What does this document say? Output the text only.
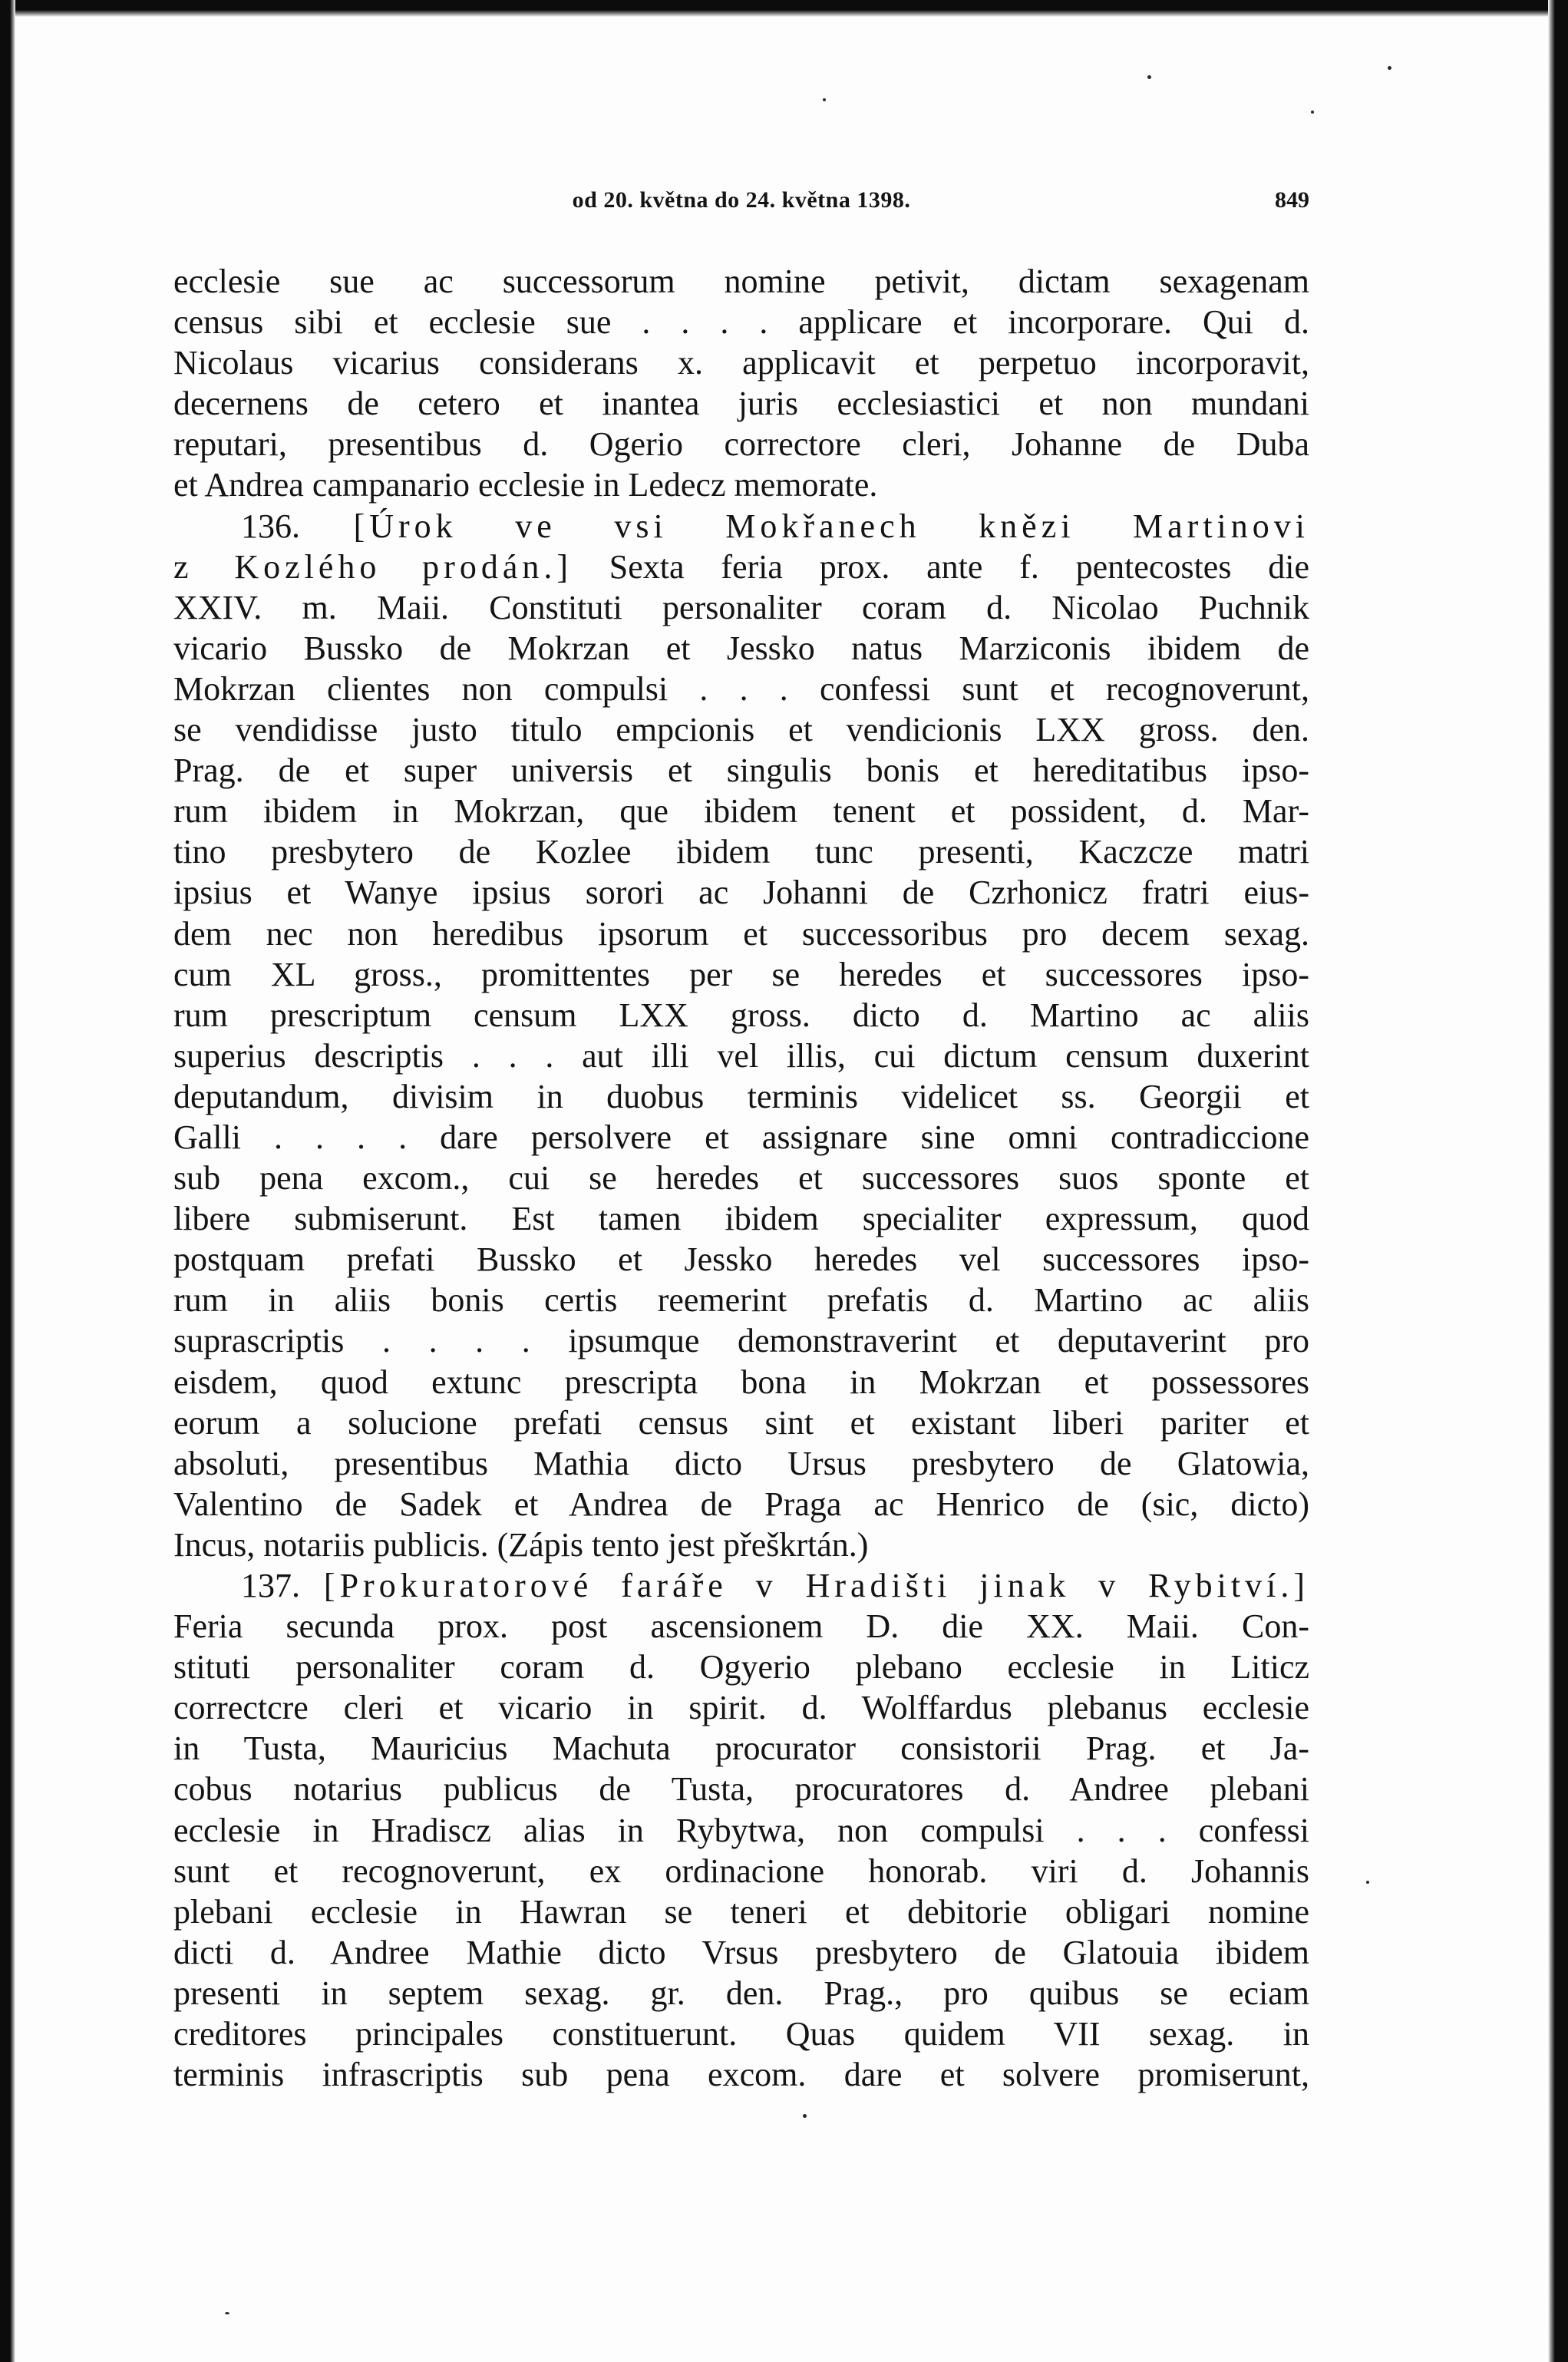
od 20. května do 24. května 1398.	849
ecclesie sue ac successorum nomine petivit, dictam sexagenam
census sibi et ecclesie sue . . . . applicare et incorporare. Qui d.
Nicolaus vicarius considerans x. applicavit et perpetuo incorporavit,
decernens de cetero et inantea juris ecclesiastici et non mundani
reputari, presentibus d. Ogerio correctore cleri, Johanne de Duba
et Andrea campanario ecclesie in Ledecz memorate.
136. [Úrok ve vsi Mokřanech knězi Martinovi
z Kozlého prodán.] Sexta feria prox. ante f. pentecostes die
XXIV. m. Maii. Constituti personaliter coram d. Nicolao Puchnik
vicario Bussko de Mokrzan et Jessko natus Marziconis ibidem de
Mokrzan clientes non compulsi . . . confessi sunt et recognoverunt,
se vendidisse justo titulo empcionis et vendicionis LXX gross. den.
Prag. de et super universis et singulis bonis et hereditatibus ipso-
rum ibidem in Mokrzan, que ibidem tenent et possident, d. Mar-
tino presbytero de Kozlee ibidem tunc presenti, Kaczcze matri
ipsius et Wanye ipsius sorori ac Johanni de Czrhonicz fratri eius-
dem nec non heredibus ipsorum et successoribus pro decem sexag.
cum XL gross., promittentes per se heredes et successores ipso-
rum prescriptum censum LXX gross. dicto d. Martino ac aliis
superius descriptis . . . aut illi vel illis, cui dictum censum duxerint
deputandum, divisim in duobus terminis videlicet ss. Georgii et
Galli . . . . dare persolvere et assignare sine omni contradiccione
sub pena excom., cui se heredes et successores suos sponte et
libere submiserunt. Est tamen ibidem specialiter expressum, quod
postquam prefati Bussko et Jessko heredes vel successores ipso-
rum in aliis bonis certis reemerint prefatis d. Martino ac aliis
suprascriptis . . . . ipsumque demonstraverint et deputaverint pro
eisdem, quod extunc prescripta bona in Mokrzan et possessores
eorum a solucione prefati census sint et existant liberi pariter et
absoluti, presentibus Mathia dicto Ursus presbytero de Glatowia,
Valentino de Sadek et Andrea de Praga ac Henrico de (sic, dicto)
Incus, notariis publicis. (Zápis tento jest přeškrtán.)
137. [Prokuratorové faráře v Hradišti jinak v Rybitví.]
Feria secunda prox. post ascensionem D. die XX. Maii. Con-
stituti personaliter coram d. Ogyerio plebano ecclesie in Liticz
correctcre cleri et vicario in spirit. d. Wolffardus plebanus ecclesie
in Tusta, Mauricius Machuta procurator consistorii Prag. et Ja-
cobus notarius publicus de Tusta, procuratores d. Andree plebani
ecclesie in Hradiscz alias in Rybytwa, non compulsi . . . confessi
sunt et recognoverunt, ex ordinacione honorab. viri d. Johannis
plebani ecclesie in Hawran se teneri et debitorie obligari nomine
dicti d. Andree Mathie dicto Vrsus presbytero de Glatouia ibidem
presenti in septem sexag. gr. den. Prag., pro quibus se eciam
creditores principales constituerunt. Quas quidem VII sexag. in
terminis infrascriptis sub pena excom. dare et solvere promiserunt,
